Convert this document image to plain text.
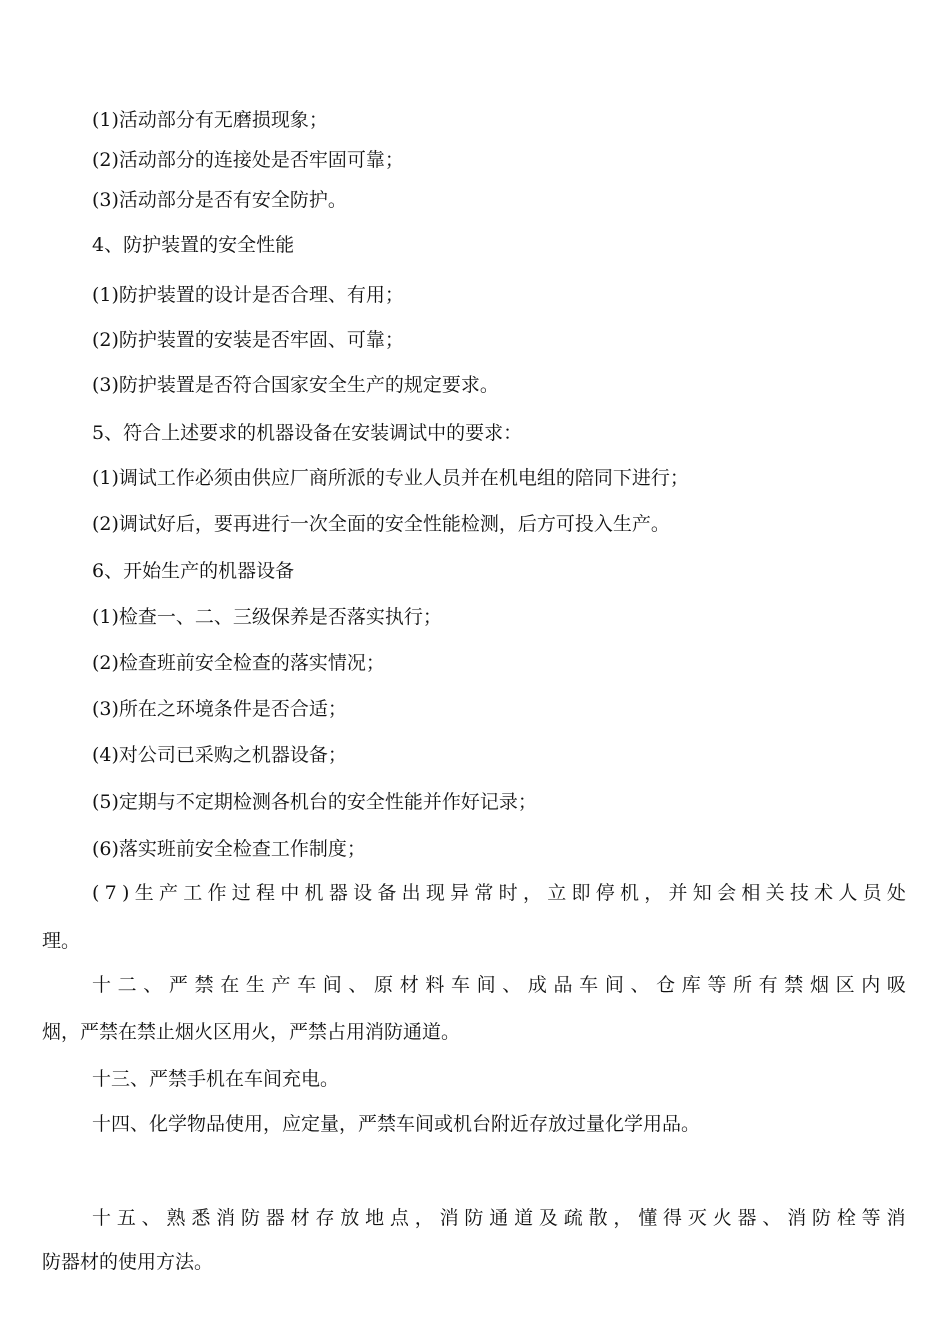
(1)活动部分有无磨损现象；
(2)活动部分的连接处是否牢固可靠；
(3)活动部分是否有安全防护。
4、防护装置的安全性能
(1)防护装置的设计是否合理、有用；
(2)防护装置的安装是否牢固、可靠；
(3)防护装置是否符合国家安全生产的规定要求。
5、符合上述要求的机器设备在安装调试中的要求：
(1)调试工作必须由供应厂商所派的专业人员并在机电组的陪同下进行；
(2)调试好后，要再进行一次全面的安全性能检测，后方可投入生产。
6、开始生产的机器设备
(1)检查一、二、三级保养是否落实执行；
(2)检查班前安全检查的落实情况；
(3)所在之环境条件是否合适；
(4)对公司已采购之机器设备；
(5)定期与不定期检测各机台的安全性能并作好记录；
(6)落实班前安全检查工作制度；
( 7 ) 生 产 工 作 过 程 中 机 器 设 备 出 现 异 常 时 ， 立 即 停 机 ， 并 知 会 相 关 技 术 人 员 处
理。
十 二 、 严 禁 在 生 产 车 间 、 原 材 料 车 间 、 成 品 车 间 、 仓 库 等 所 有 禁 烟 区 内 吸
烟，严禁在禁止烟火区用火，严禁占用消防通道。
十三、严禁手机在车间充电。
十四、化学物品使用，应定量，严禁车间或机台附近存放过量化学用品。
十 五 、 熟 悉 消 防 器 材 存 放 地 点 ， 消 防 通 道 及 疏 散 ， 懂 得 灭 火 器 、 消 防 栓 等 消
防器材的使用方法。
